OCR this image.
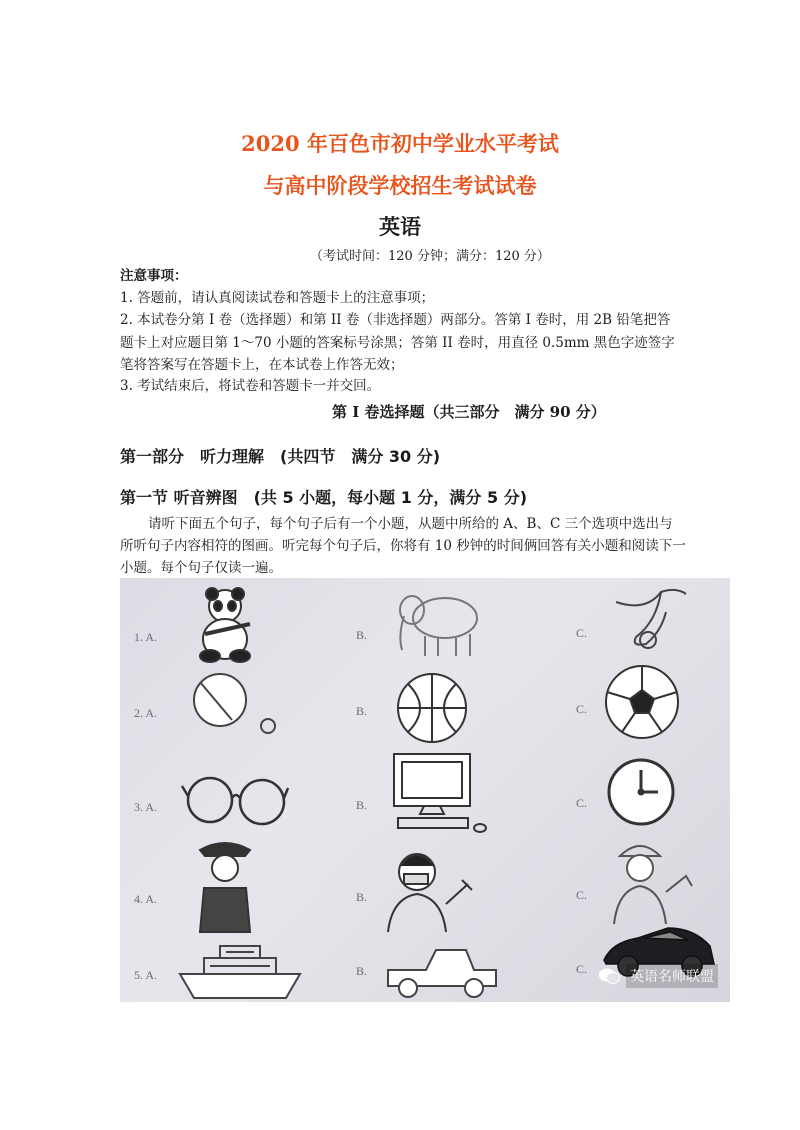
2020 年百色市初中学业水平考试
与高中阶段学校招生考试试卷
英语
（考试时间：120 分钟；满分：120 分）
注意事项：
1. 答题前，请认真阅读试卷和答题卡上的注意事项；
2. 本试卷分第 I 卷（选择题）和第 II 卷（非选择题）两部分。答第 I 卷时，用 2B 铅笔把答题卡上对应题目第 1～70 小题的答案标号涂黑；答第 II 卷时，用直径 0.5mm 黑色字迹签字笔将答案写在答题卡上，在本试卷上作答无效；
3. 考试结束后，将试卷和答题卡一并交回。
第 I 卷选择题（共三部分　满分 90 分）
第一部分　听力理解　(共四节　满分 30 分)
第一节 听音辨图　(共 5 小题，每小题 1 分，满分 5 分)
请听下面五个句子，每个句子后有一个小题，从题中所给的 A、B、C 三个选项中选出与所听句子内容相符的图画。听完每个句子后，你将有 10 秒钟的时间俩回答有关小题和阅读下一小题。每个句子仅读一遍。
1. A.	B.	C.
2. A.	B.	C.
3. A.	B.	C.
4. A.	B.	C.
5. A.	B.	C.	英语名师联盟
